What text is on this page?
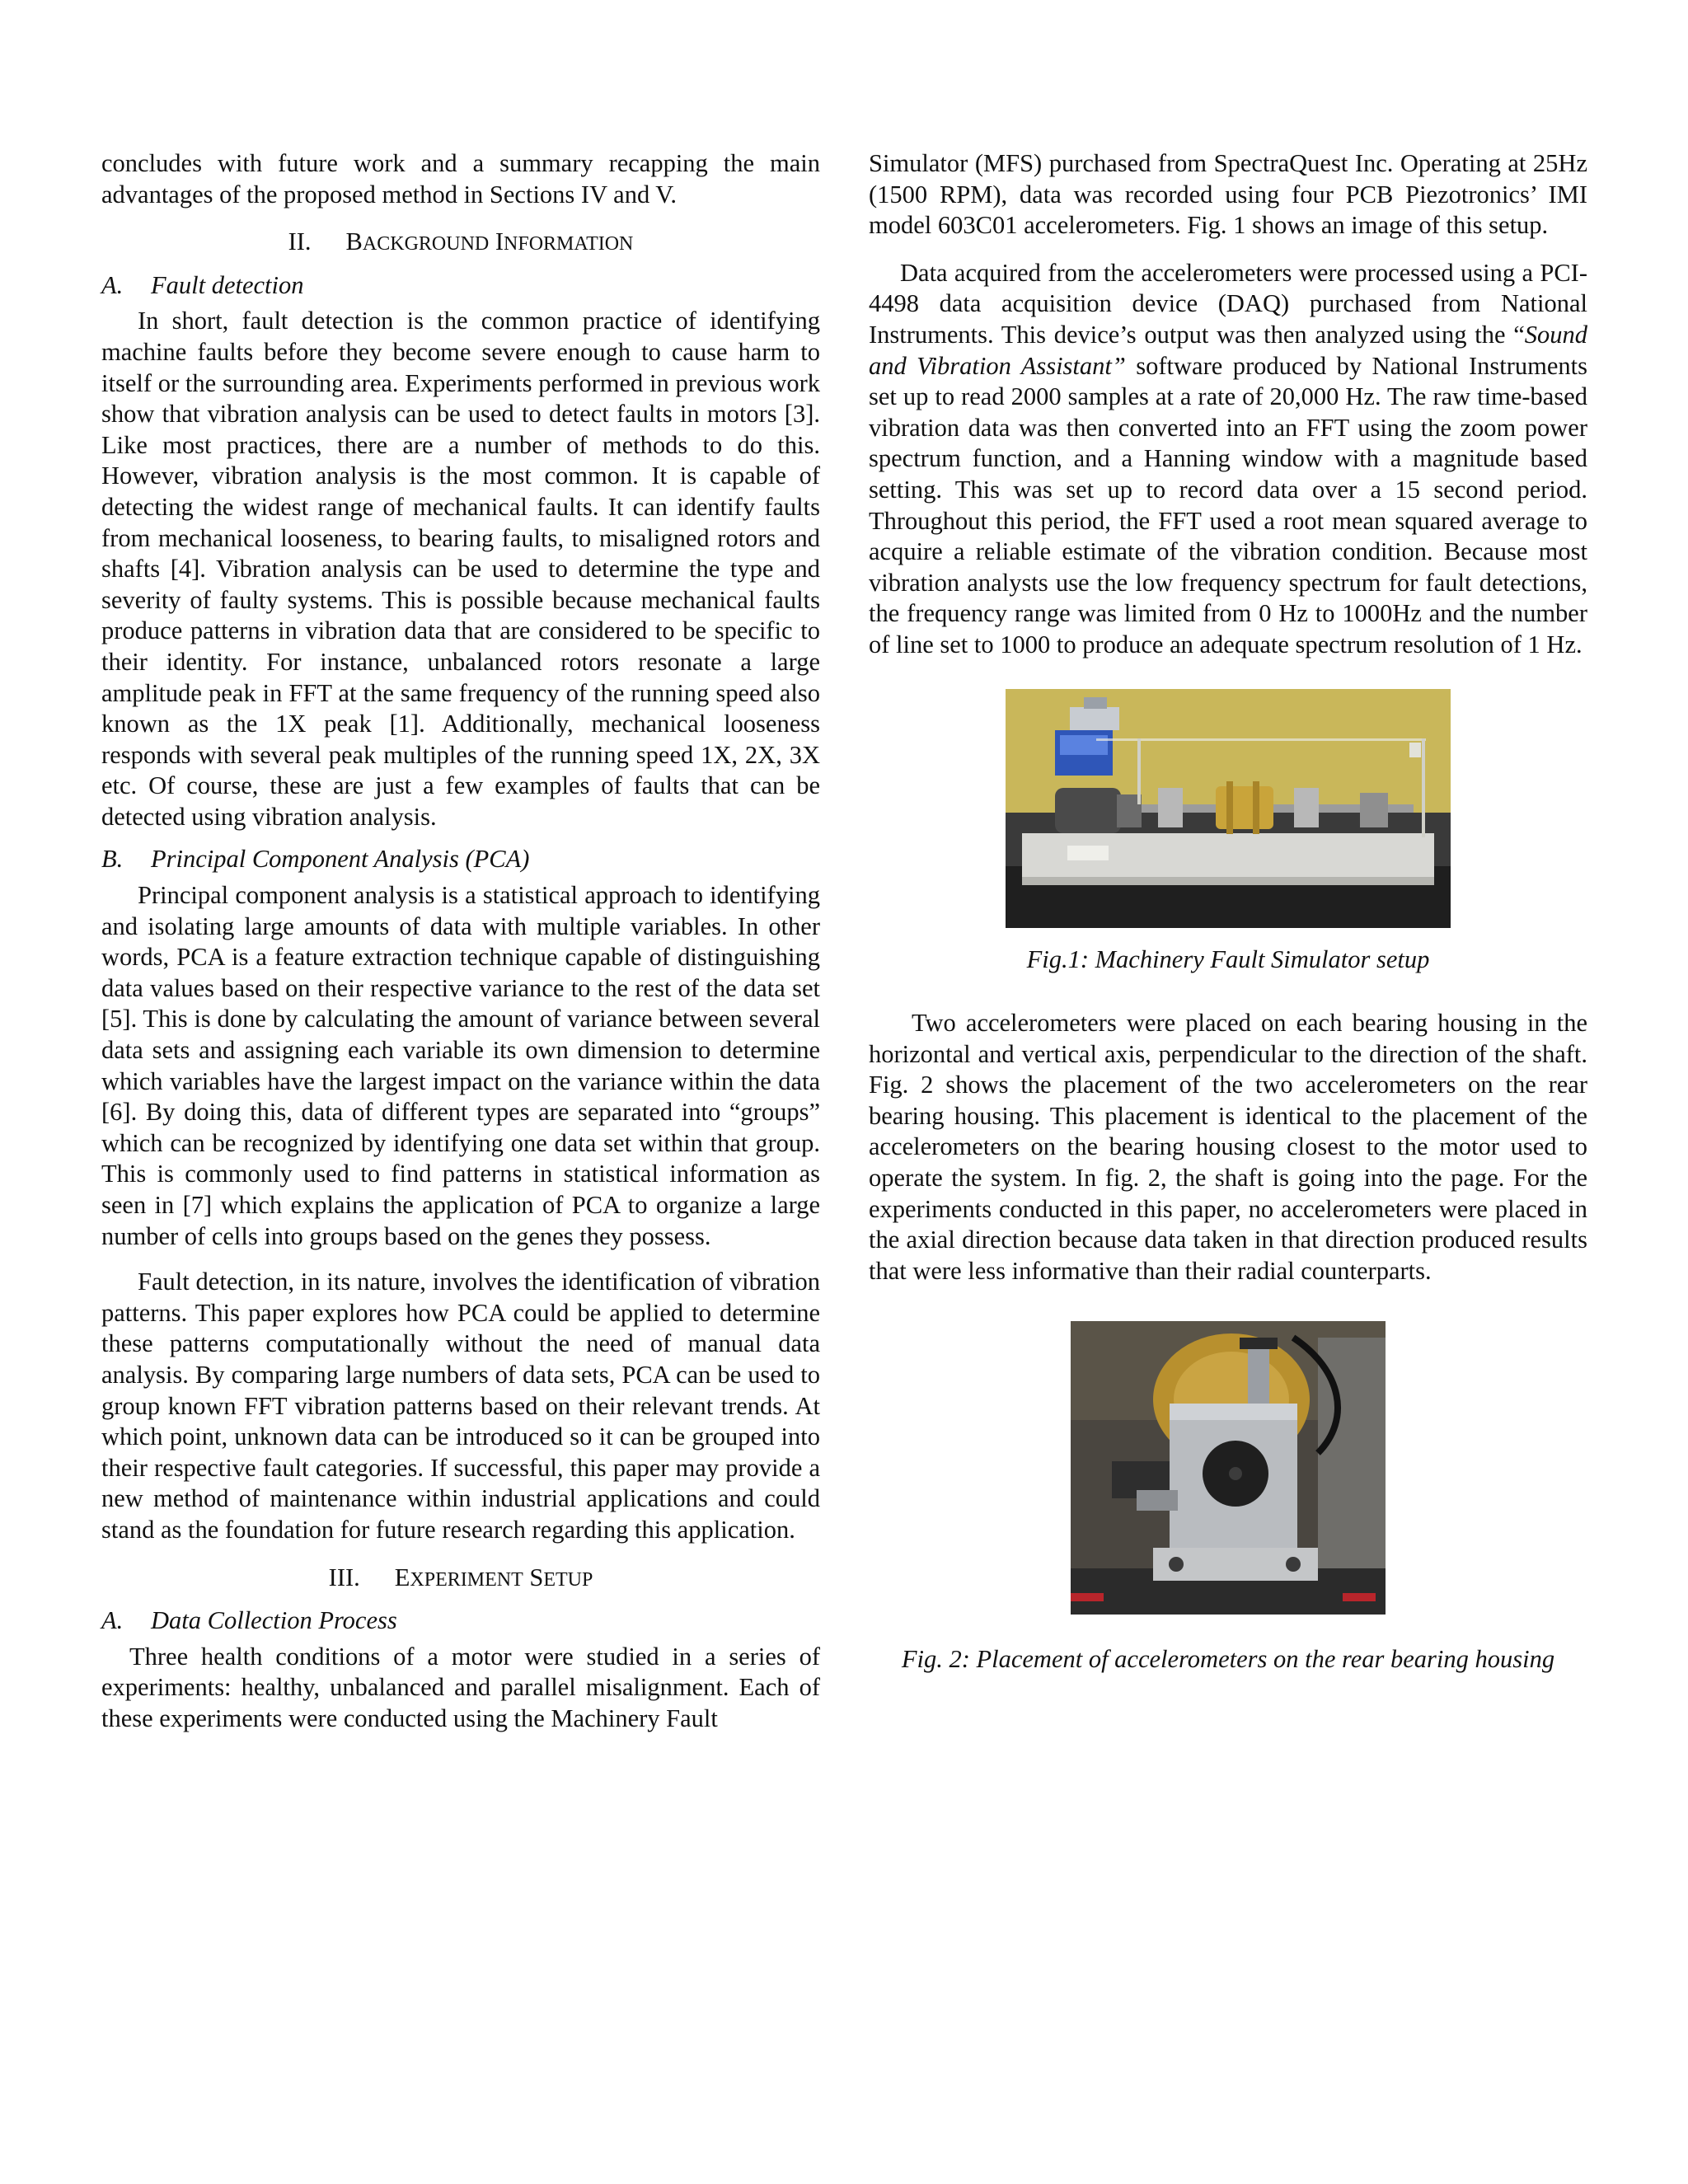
concludes with future work and a summary recapping the main advantages of the proposed method in Sections IV and V.

II. BACKGROUND INFORMATION
A. Fault detection

In short, fault detection is the common practice of identifying machine faults before they become severe enough to cause harm to itself or the surrounding area. Experiments performed in previous work show that vibration analysis can be used to detect faults in motors [3]. Like most practices, there are a number of methods to do this. However, vibration analysis is the most common. It is capable of detecting the widest range of mechanical faults. It can identify faults from mechanical looseness, to bearing faults, to misaligned rotors and shafts [4]. Vibration analysis can be used to determine the type and severity of faulty systems. This is possible because mechanical faults produce patterns in vibration data that are considered to be specific to their identity. For instance, unbalanced rotors resonate a large amplitude peak in FFT at the same frequency of the running speed also known as the 1X peak [1]. Additionally, mechanical looseness responds with several peak multiples of the running speed 1X, 2X, 3X etc. Of course, these are just a few examples of faults that can be detected using vibration analysis.

B. Principal Component Analysis (PCA)

Principal component analysis is a statistical approach to identifying and isolating large amounts of data with multiple variables. In other words, PCA is a feature extraction technique capable of distinguishing data values based on their respective variance to the rest of the data set [5]. This is done by calculating the amount of variance between several data sets and assigning each variable its own dimension to determine which variables have the largest impact on the variance within the data [6]. By doing this, data of different types are separated into “groups” which can be recognized by identifying one data set within that group. This is commonly used to find patterns in statistical information as seen in [7] which explains the application of PCA to organize a large number of cells into groups based on the genes they possess.

Fault detection, in its nature, involves the identification of vibration patterns. This paper explores how PCA could be applied to determine these patterns computationally without the need of manual data analysis. By comparing large numbers of data sets, PCA can be used to group known FFT vibration patterns based on their relevant trends. At which point, unknown data can be introduced so it can be grouped into their respective fault categories. If successful, this paper may provide a new method of maintenance within industrial applications and could stand as the foundation for future research regarding this application.

III. EXPERIMENT SETUP
A. Data Collection Process

Three health conditions of a motor were studied in a series of experiments: healthy, unbalanced and parallel misalignment. Each of these experiments were conducted using the Machinery Fault

Simulator (MFS) purchased from SpectraQuest Inc. Operating at 25Hz (1500 RPM), data was recorded using four PCB Piezotronics’ IMI model 603C01 accelerometers. Fig. 1 shows an image of this setup.

Data acquired from the accelerometers were processed using a PCI-4498 data acquisition device (DAQ) purchased from National Instruments. This device’s output was then analyzed using the “Sound and Vibration Assistant” software produced by National Instruments set up to read 2000 samples at a rate of 20,000 Hz. The raw time-based vibration data was then converted into an FFT using the zoom power spectrum function, and a Hanning window with a magnitude based setting. This was set up to record data over a 15 second period. Throughout this period, the FFT used a root mean squared average to acquire a reliable estimate of the vibration condition. Because most vibration analysts use the low frequency spectrum for fault detections, the frequency range was limited from 0 Hz to 1000Hz and the number of line set to 1000 to produce an adequate spectrum resolution of 1 Hz.

Fig.1: Machinery Fault Simulator setup

Two accelerometers were placed on each bearing housing in the horizontal and vertical axis, perpendicular to the direction of the shaft. Fig. 2 shows the placement of the two accelerometers on the rear bearing housing. This placement is identical to the placement of the accelerometers on the bearing housing closest to the motor used to operate the system. In fig. 2, the shaft is going into the page. For the experiments conducted in this paper, no accelerometers were placed in the axial direction because data taken in that direction produced results that were less informative than their radial counterparts.

Fig. 2: Placement of accelerometers on the rear bearing housing
